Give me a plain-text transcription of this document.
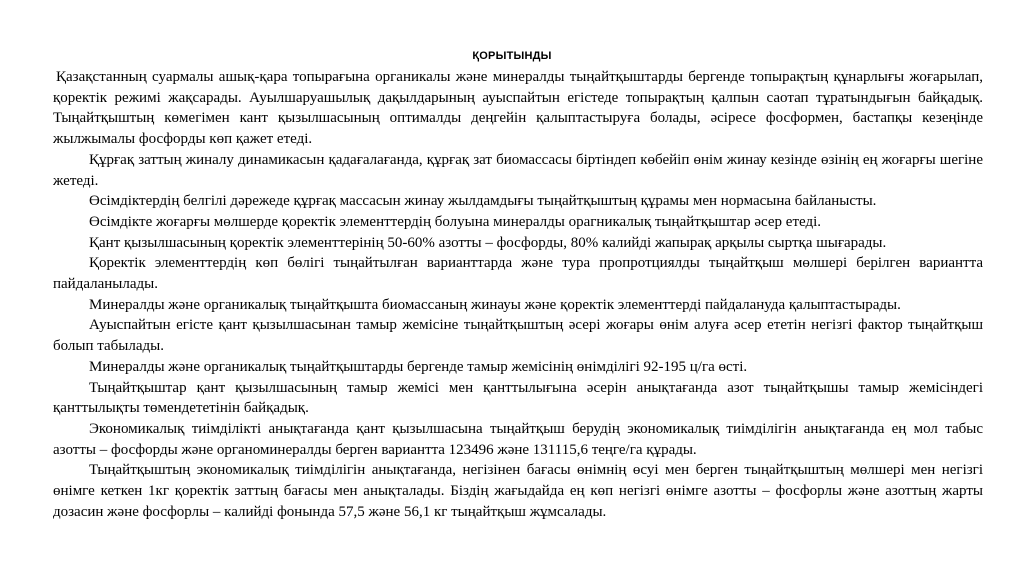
ҚОРЫТЫНДЫ

Қазақстанның суармалы ашық-қара топырағына органикалы және минералды тыңайтқыштарды бергенде топырақтың құнарлығы жоғарылап, қоректік режимі жақсарады. Ауылшаруашылық дақылдарының ауыспайтын егістеде топырақтың қалпын саотап тұратындығын байқадық. Тыңайтқыштың көмегімен кант қызылшасының оптималды деңгейін қалыптастыруға болады, әсіресе фосформен, бастапқы кезеңінде жылжымалы фосфорды көп қажет етеді.

Құрғақ заттың жиналу динамикасын қадағалағанда, құрғақ зат биомассасы біртіндеп көбейіп өнім жинау кезінде өзінің ең жоғарғы шегіне жетеді.

Өсімдіктердің белгілі дәрежеде құрғақ массасын жинау жылдамдығы тыңайтқыштың құрамы мен нормасына байланысты.

Өсімдікте жоғарғы мөлшерде қоректік элементтердің болуына минералды орагникалық тыңайтқыштар әсер етеді.

Қант қызылшасының қоректік элементтерінің 50-60% азотты – фосфорды, 80% калийді жапырақ арқылы сыртқа шығарады.

Қоректік элементтердің көп бөлігі тыңайтылған варианттарда және тура пропротциялды тыңайтқыш мөлшері берілген вариантта пайдаланылады.

Минералды және органикалық тыңайтқышта биомассаның жинауы және қоректік элементтерді пайдалануда қалыптастырады.

Ауыспайтын егісте қант қызылшасынан тамыр жемісіне тыңайтқыштың әсері жоғары өнім алуға әсер ететін негізгі фактор тыңайтқыш болып табылады.

Минералды және органикалық тыңайтқыштарды бергенде тамыр жемісінің өнімділігі 92-195 ц/га өсті.

Тыңайтқыштар қант қызылшасының тамыр жемісі мен қанттылығына әсерін анықтағанда азот тыңайтқышы тамыр жемісіндегі қанттылықты төмендететінін байқадық.

Экономикалық тиімділікті анықтағанда қант қызылшасына тыңайтқыш берудің экономикалық тиімділігін анықтағанда ең мол табыс азотты – фосфорды және органоминералды берген варианттa 123496 және 131115,6 теңге/га құрады.

Тыңайтқыштың экономикалық тиімділігін анықтағанда, негізінен бағасы өнімнің өсуі мен берген тыңайтқыштың мөлшері мен негізгі өнімге кеткен 1кг қоректік заттың бағасы мен анықталады. Біздің жағыдайда ең көп негізгі өнімге азотты – фосфорлы және азоттың жарты дозасин және фосфорлы – калийді фонында 57,5 және 56,1 кг тыңайтқыш жұмсалады.
